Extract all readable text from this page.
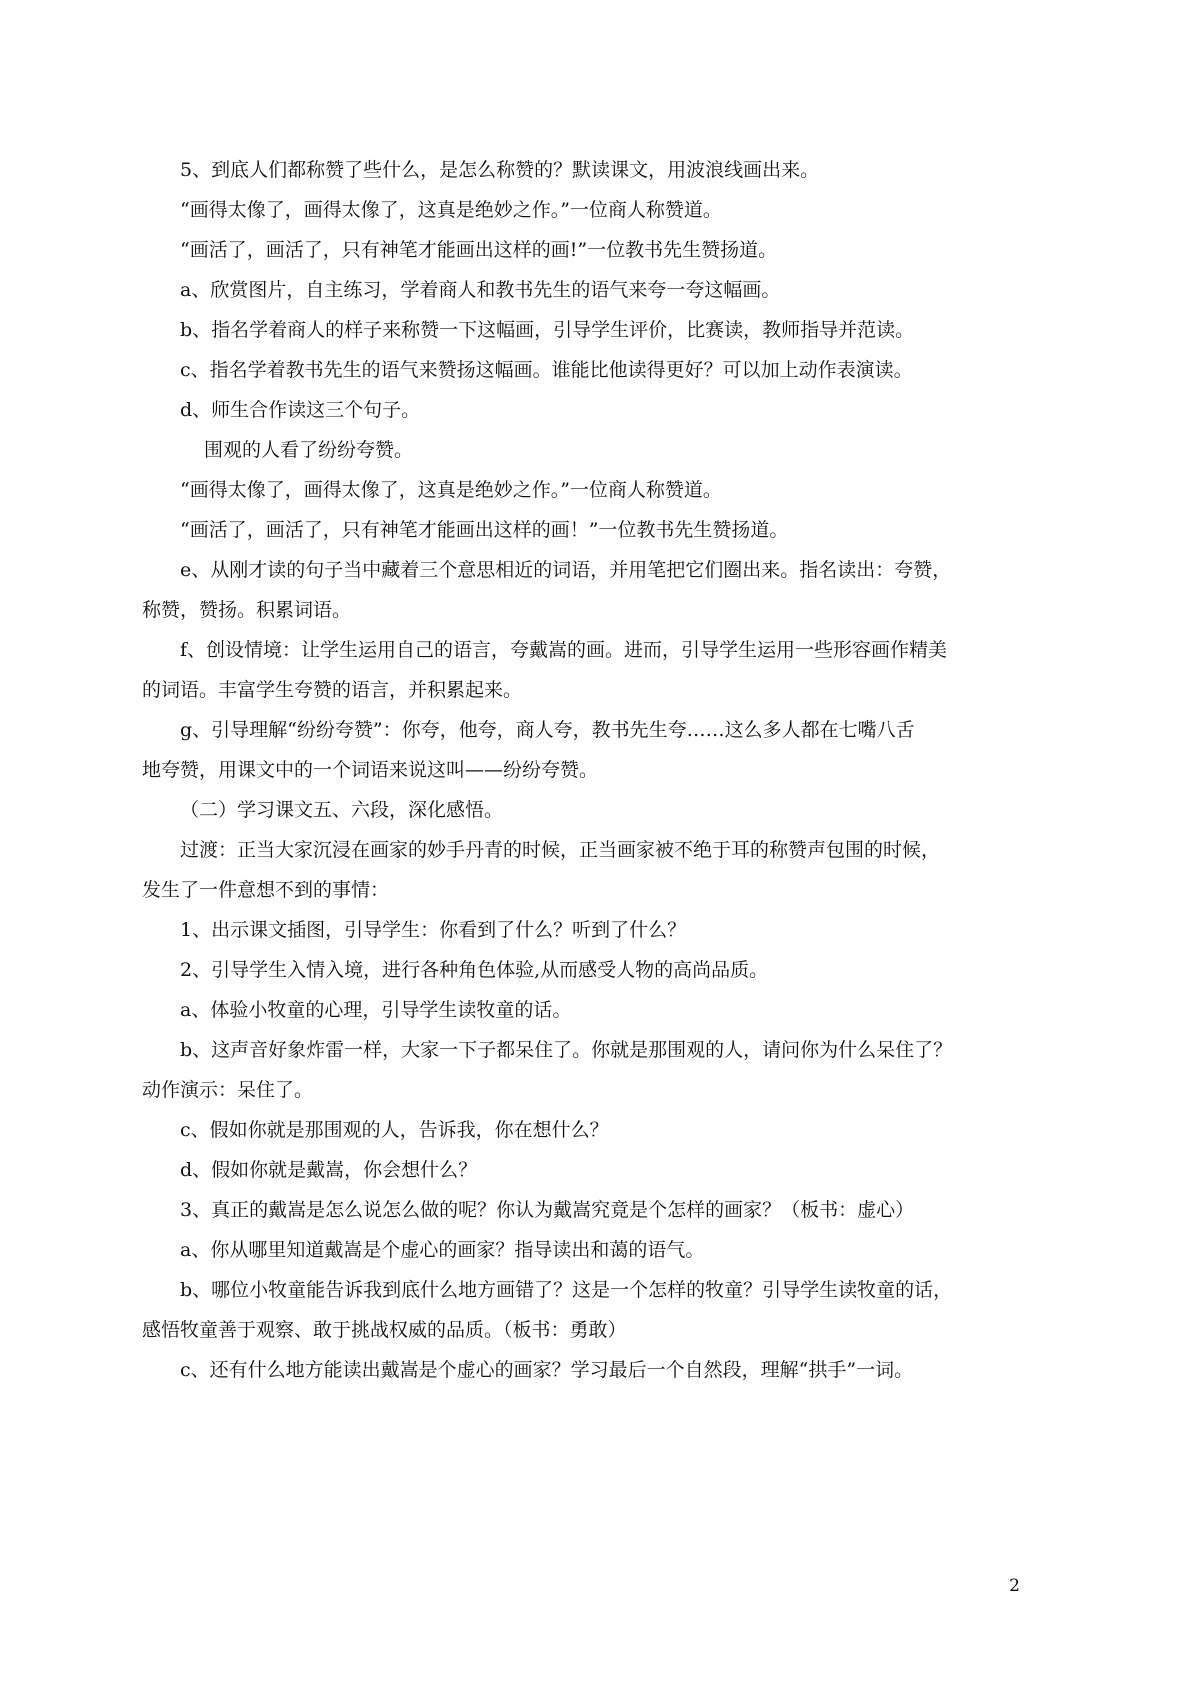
5、到底人们都称赞了些什么，是怎么称赞的？默读课文，用波浪线画出来。
“画得太像了，画得太像了，这真是绝妙之作。”一位商人称赞道。
“画活了，画活了，只有神笔才能画出这样的画!”一位教书先生赞扬道。
a、欣赏图片，自主练习，学着商人和教书先生的语气来夸一夸这幅画。
b、指名学着商人的样子来称赞一下这幅画，引导学生评价，比赛读，教师指导并范读。
c、指名学着教书先生的语气来赞扬这幅画。谁能比他读得更好？可以加上动作表演读。
d、师生合作读这三个句子。
围观的人看了纷纷夸赞。
“画得太像了，画得太像了，这真是绝妙之作。”一位商人称赞道。
“画活了，画活了，只有神笔才能画出这样的画！”一位教书先生赞扬道。
e、从刚才读的句子当中藏着三个意思相近的词语，并用笔把它们圈出来。指名读出：夸赞，
称赞，赞扬。积累词语。
f、创设情境：让学生运用自己的语言，夸戴嵩的画。进而，引导学生运用一些形容画作精美
的词语。丰富学生夸赞的语言，并积累起来。
g、引导理解“纷纷夸赞”：你夸，他夸，商人夸，教书先生夸……这么多人都在七嘴八舌
地夸赞，用课文中的一个词语来说这叫——纷纷夸赞。
（二）学习课文五、六段，深化感悟。
过渡：正当大家沉浸在画家的妙手丹青的时候，正当画家被不绝于耳的称赞声包围的时候，
发生了一件意想不到的事情：
1、出示课文插图，引导学生：你看到了什么？听到了什么？
2、引导学生入情入境，进行各种角色体验,从而感受人物的高尚品质。
a、体验小牧童的心理，引导学生读牧童的话。
b、这声音好象炸雷一样，大家一下子都呆住了。你就是那围观的人，请问你为什么呆住了？
动作演示：呆住了。
c、假如你就是那围观的人，告诉我，你在想什么？
d、假如你就是戴嵩，你会想什么？
3、真正的戴嵩是怎么说怎么做的呢？你认为戴嵩究竟是个怎样的画家？（板书：虚心）
a、你从哪里知道戴嵩是个虚心的画家？指导读出和蔼的语气。
b、哪位小牧童能告诉我到底什么地方画错了？这是一个怎样的牧童？引导学生读牧童的话，
感悟牧童善于观察、敢于挑战权威的品质。（板书：勇敢）
c、还有什么地方能读出戴嵩是个虚心的画家？学习最后一个自然段，理解“拱手”一词。
2
